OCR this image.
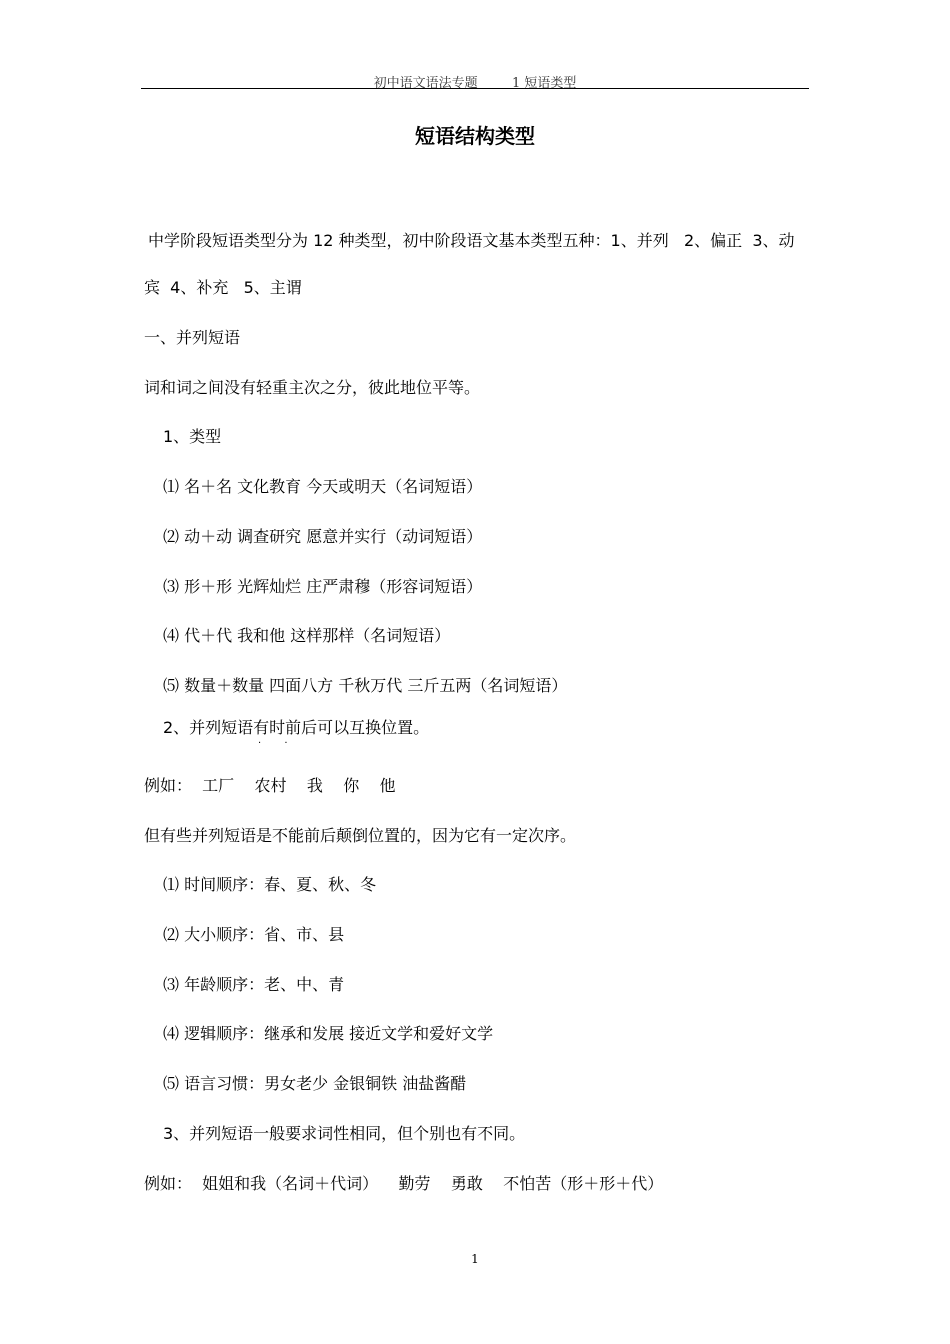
初中语文语法专题	1 短语类型
短语结构类型
中学阶段短语类型分为 12 种类型，初中阶段语文基本类型五种：1、并列   2、偏正  3、动
宾  4、补充   5、主谓
一、并列短语
词和词之间没有轻重主次之分，彼此地位平等。
1、类型
⑴ 名＋名 文化教育 今天或明天（名词短语）
⑵ 动＋动 调查研究 愿意并实行（动词短语）
⑶ 形＋形 光辉灿烂 庄严肃穆（形容词短语）
⑷ 代＋代 我和他 这样那样（名词短语）
⑸ 数量＋数量 四面八方 千秋万代 三斤五两（名词短语）
2、并列短语有时前后可以互换位置。
· ·
例如：  工厂    农村    我    你    他
但有些并列短语是不能前后颠倒位置的，因为它有一定次序。
⑴ 时间顺序：春、夏、秋、冬
⑵ 大小顺序：省、市、县
⑶ 年龄顺序：老、中、青
⑷ 逻辑顺序：继承和发展 接近文学和爱好文学
⑸ 语言习惯：男女老少 金银铜铁 油盐酱醋
3、并列短语一般要求词性相同，但个别也有不同。
例如：  姐姐和我（名词＋代词）    勤劳    勇敢    不怕苦（形＋形＋代）
1
